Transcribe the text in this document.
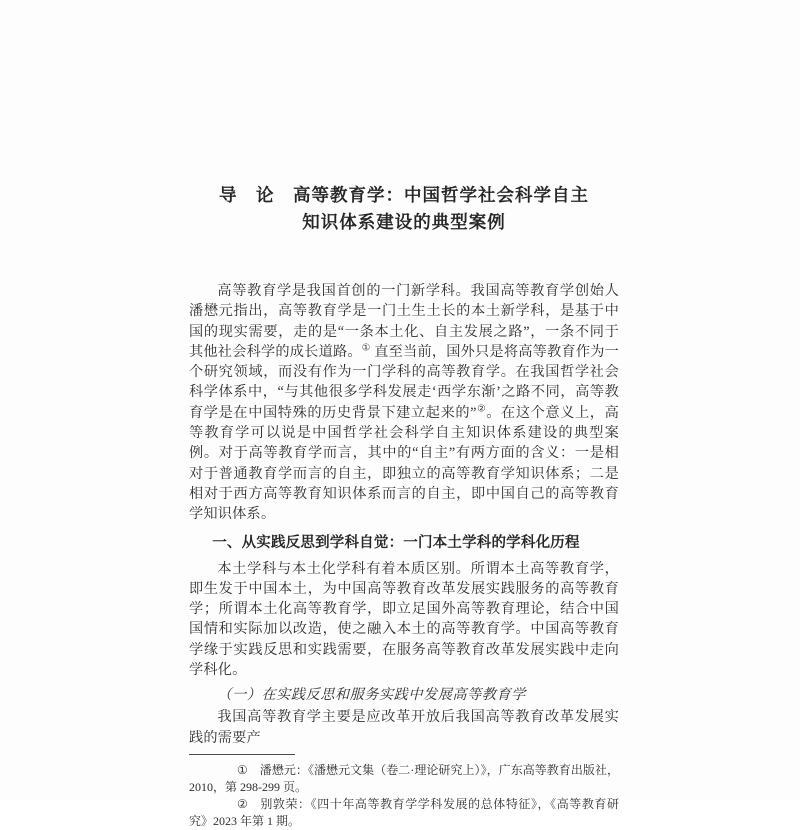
导　论　高等教育学：中国哲学社会科学自主
知识体系建设的典型案例

高等教育学是我国首创的一门新学科。我国高等教育学创始人潘懋元指出，高等教育学是一门土生土长的本土新学科，是基于中国的现实需要，走的是“一条本土化、自主发展之路”，一条不同于其他社会科学的成长道路。① 直至当前，国外只是将高等教育作为一个研究领域，而没有作为一门学科的高等教育学。在我国哲学社会科学体系中，“与其他很多学科发展走‘西学东渐’之路不同，高等教育学是在中国特殊的历史背景下建立起来的”②。在这个意义上，高等教育学可以说是中国哲学社会科学自主知识体系建设的典型案例。对于高等教育学而言，其中的“自主”有两方面的含义：一是相对于普通教育学而言的自主，即独立的高等教育学知识体系；二是相对于西方高等教育知识体系而言的自主，即中国自己的高等教育学知识体系。

一、从实践反思到学科自觉：一门本土学科的学科化历程

本土学科与本土化学科有着本质区别。所谓本土高等教育学，即生发于中国本土，为中国高等教育改革发展实践服务的高等教育学；所谓本土化高等教育学，即立足国外高等教育理论，结合中国国情和实际加以改造，使之融入本土的高等教育学。中国高等教育学缘于实践反思和实践需要，在服务高等教育改革发展实践中走向学科化。

（一）在实践反思和服务实践中发展高等教育学

我国高等教育学主要是应改革开放后我国高等教育改革发展实践的需要产

① 潘懋元：《潘懋元文集（卷二·理论研究上）》，广东高等教育出版社，2010，第 298-299 页。

② 别敦荣：《四十年高等教育学学科发展的总体特征》，《高等教育研究》2023 年第 1 期。
